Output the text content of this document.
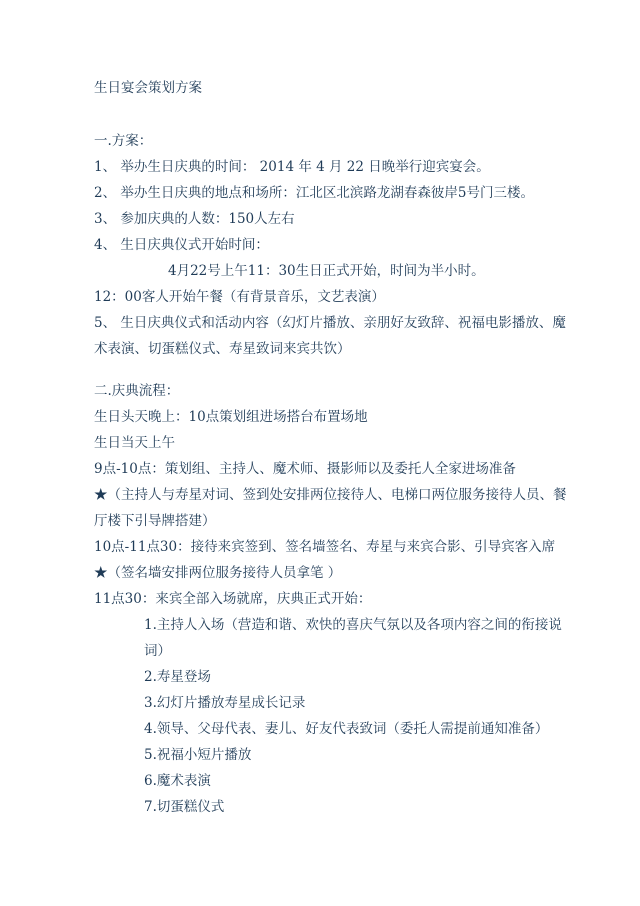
生日宴会策划方案
一.方案：
1、 举办生日庆典的时间： 2014 年 4 月 22 日晚举行迎宾宴会。
2、 举办生日庆典的地点和场所：江北区北滨路龙湖春森彼岸5号门三楼。
3、 参加庆典的人数：150人左右
4、 生日庆典仪式开始时间：
4月22号上午11：30生日正式开始，时间为半小时。
12：00客人开始午餐（有背景音乐，文艺表演）
5、 生日庆典仪式和活动内容（幻灯片播放、亲朋好友致辞、祝福电影播放、魔
术表演、切蛋糕仪式、寿星致词来宾共饮）
二.庆典流程：
生日头天晚上：10点策划组进场搭台布置场地
生日当天上午
9点-10点：策划组、主持人、魔术师、摄影师以及委托人全家进场准备
★（主持人与寿星对词、签到处安排两位接待人、电梯口两位服务接待人员、餐
厅楼下引导牌搭建）
10点-11点30：接待来宾签到、签名墙签名、寿星与来宾合影、引导宾客入席
★（签名墙安排两位服务接待人员拿笔 ）
11点30：来宾全部入场就席，庆典正式开始：
1.主持人入场（营造和谐、欢快的喜庆气氛以及各项内容之间的衔接说
词）
2.寿星登场
3.幻灯片播放寿星成长记录
4.领导、父母代表、妻儿、好友代表致词（委托人需提前通知准备）
5.祝福小短片播放
6.魔术表演
7.切蛋糕仪式
